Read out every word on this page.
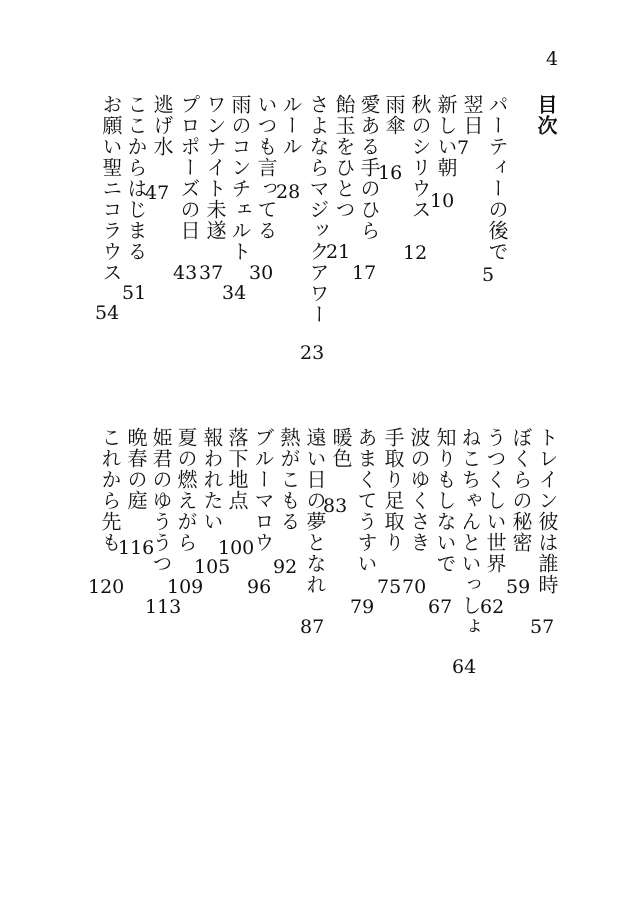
4
目次
パーティーの後で
5
翌日
7
新しい朝
10
秋のシリウス
12
雨傘
16
愛ある手のひら
17
飴玉をひとつ
21
さよならマジックアワー
23
ルール
28
いつも言ってる
30
雨のコンチェルト
34
ワンナイト未遂
37
プロポーズの日
43
逃げ水
47
ここからはじまる
51
お願い聖ニコラウス
54
トレイン彼は誰時
57
ぼくらの秘密
59
うつくしい世界
62
ねこちゃんといっしょ
64
知りもしないで
67
波のゆくさき
70
手取り足取り
75
あまくてうすい
79
暖色
83
遠い日の夢となれ
87
熱がこもる
92
ブルーマロウ
96
落下地点
100
報われたい
105
夏の燃えがら
109
姫君のゆううつ
113
晩春の庭
116
これから先も
120
